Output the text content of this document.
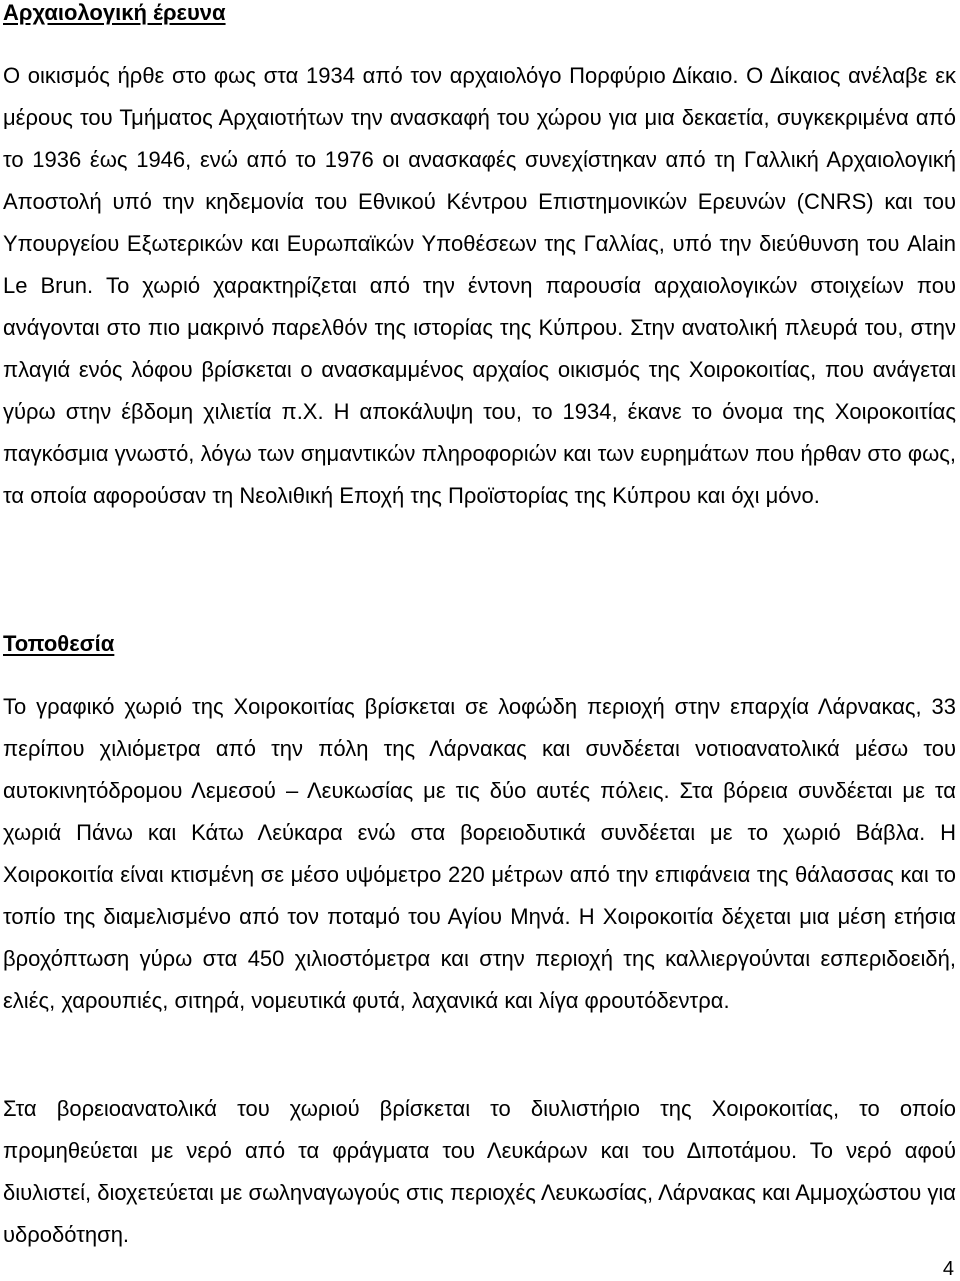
Αρχαιολογική έρευνα

Ο οικισμός ήρθε στο φως στα 1934 από τον αρχαιολόγο Πορφύριο Δίκαιο. Ο Δίκαιος ανέλαβε εκ μέρους του Τμήματος Αρχαιοτήτων την ανασκαφή του χώρου για μια δεκαετία, συγκεκριμένα από το 1936 έως 1946, ενώ από το 1976 οι ανασκαφές συνεχίστηκαν από τη Γαλλική Αρχαιολογική Αποστολή υπό την κηδεμονία του Εθνικού Κέντρου Επιστημονικών Ερευνών (CNRS) και του Υπουργείου Εξωτερικών και Ευρωπαϊκών Υποθέσεων της Γαλλίας, υπό την διεύθυνση του Alain Le Brun. Το χωριό χαρακτηρίζεται από την έντονη παρουσία αρχαιολογικών στοιχείων που ανάγονται στο πιο μακρινό παρελθόν της ιστορίας της Κύπρου. Στην ανατολική πλευρά του, στην πλαγιά ενός λόφου βρίσκεται ο ανασκαμμένος αρχαίος οικισμός της Χοιροκοιτίας, που ανάγεται γύρω στην έβδομη χιλιετία π.Χ. Η αποκάλυψη του, το 1934, έκανε το όνομα της Χοιροκοιτίας παγκόσμια γνωστό, λόγω των σημαντικών πληροφοριών και των ευρημάτων που ήρθαν στο φως, τα οποία αφορούσαν τη Νεολιθική Εποχή της Προϊστορίας της Κύπρου και όχι μόνο.

Τοποθεσία

Το γραφικό χωριό της Χοιροκοιτίας βρίσκεται σε λοφώδη περιοχή στην επαρχία Λάρνακας, 33 περίπου χιλιόμετρα από την πόλη της Λάρνακας και συνδέεται νοτιοανατολικά μέσω του αυτοκινητόδρομου Λεμεσού – Λευκωσίας με τις δύο αυτές πόλεις. Στα βόρεια συνδέεται με τα χωριά Πάνω και Κάτω Λεύκαρα ενώ στα βορειοδυτικά συνδέεται με το χωριό Βάβλα. Η Χοιροκοιτία είναι κτισμένη σε μέσο υψόμετρο 220 μέτρων από την επιφάνεια της θάλασσας και το τοπίο της διαμελισμένο από τον ποταμό του Αγίου Μηνά. Η Χοιροκοιτία δέχεται μια μέση ετήσια βροχόπτωση γύρω στα 450 χιλιοστόμετρα και στην περιοχή της καλλιεργούνται εσπεριδοειδή, ελιές, χαρουπιές, σιτηρά, νομευτικά φυτά, λαχανικά και λίγα φρουτόδεντρα.

Στα βορειοανατολικά του χωριού βρίσκεται το διυλιστήριο της Χοιροκοιτίας, το οποίο προμηθεύεται με νερό από τα φράγματα του Λευκάρων και του Διποτάμου. Το νερό αφού διυλιστεί, διοχετεύεται με σωληναγωγούς στις περιοχές Λευκωσίας, Λάρνακας και Αμμοχώστου για υδροδότηση.

4
